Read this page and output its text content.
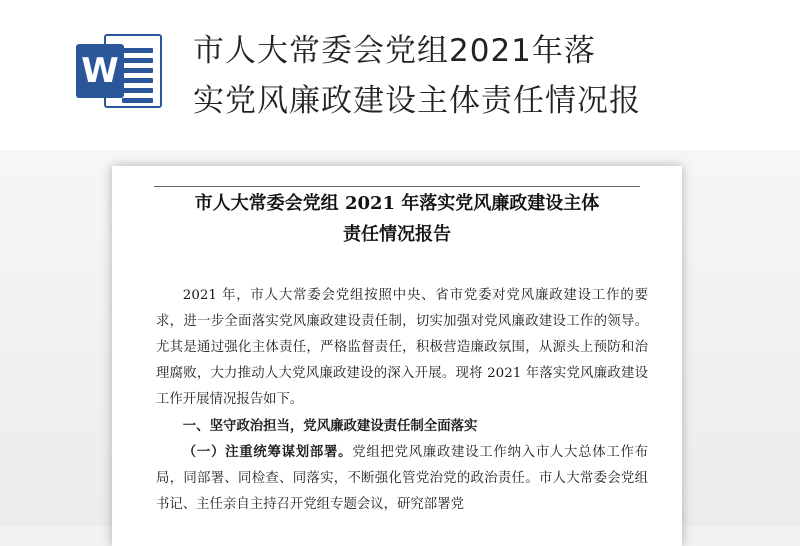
W 市人大常委会党组2021年落
实党风廉政建设主体责任情况报
市人大常委会党组 2021 年落实党风廉政建设主体
责任情况报告

2021 年，市人大常委会党组按照中央、省市党委对党风廉政建设工作的要求，进一步全面落实党风廉政建设责任制，切实加强对党风廉政建设工作的领导。尤其是通过强化主体责任，严格监督责任，积极营造廉政氛围，从源头上预防和治理腐败，大力推动人大党风廉政建设的深入开展。现将 2021 年落实党风廉政建设工作开展情况报告如下。

一、坚守政治担当，党风廉政建设责任制全面落实

（一）注重统筹谋划部署。党组把党风廉政建设工作纳入市人大总体工作布局，同部署、同检查、同落实，不断强化管党治党的政治责任。市人大常委会党组书记、主任亲自主持召开党组专题会议，研究部署党
